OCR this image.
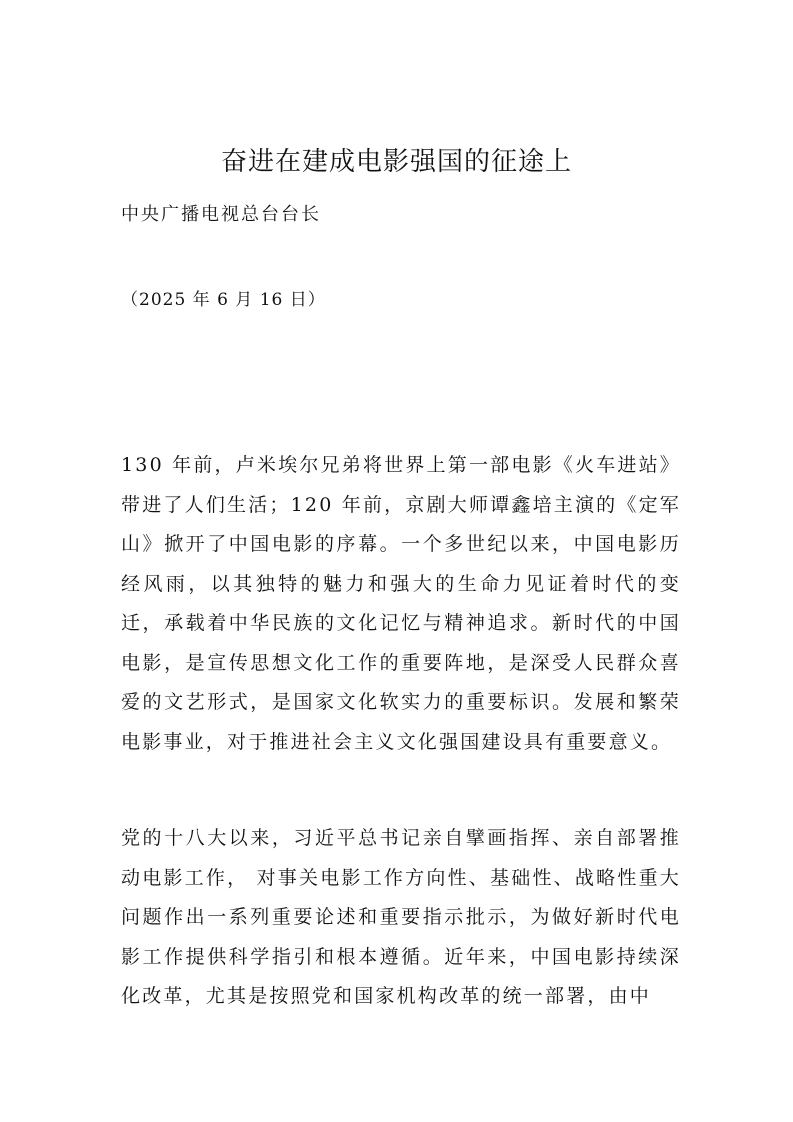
奋进在建成电影强国的征途上
中央广播电视总台台长
（2025 年 6 月 16 日）

130 年前，卢米埃尔兄弟将世界上第一部电影《火车进站》带进了人们生活；120 年前，京剧大师谭鑫培主演的《定军山》掀开了中国电影的序幕。一个多世纪以来，中国电影历经风雨，以其独特的魅力和强大的生命力见证着时代的变迁，承载着中华民族的文化记忆与精神追求。新时代的中国电影，是宣传思想文化工作的重要阵地，是深受人民群众喜爱的文艺形式，是国家文化软实力的重要标识。发展和繁荣电影事业，对于推进社会主义文化强国建设具有重要意义。

党的十八大以来，习近平总书记亲自擘画指挥、亲自部署推动电影工作， 对事关电影工作方向性、基础性、战略性重大问题作出一系列重要论述和重要指示批示，为做好新时代电影工作提供科学指引和根本遵循。近年来，中国电影持续深化改革，尤其是按照党和国家机构改革的统一部署，由中
